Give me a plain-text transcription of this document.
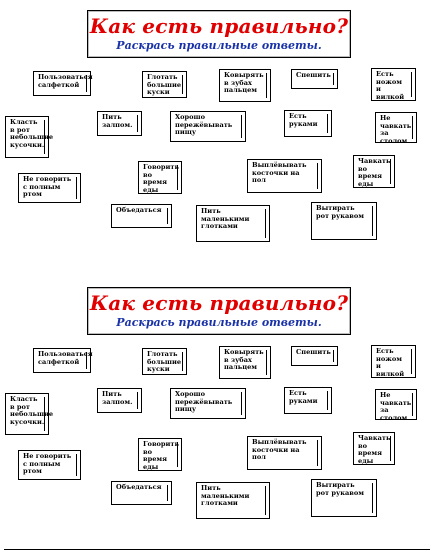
Как есть правильно?
Раскрась правильные ответы.
Пользоваться салфеткой
Глотать большие куски
Ковырять в зубах пальцем
Спешить	Есть ножом и вилкой
Класть в рот небольшие кусочки.
Пить залпом.
Хорошо пережёвывать пищу
Есть руками
Не чавкать за столом
Говорить во время еды
Выплёвывать косточки на пол
Чавкать во время еды
Не говорить с полным ртом
Объедаться	Пить маленькими глотками
Вытирать рот рукавом
Как есть правильно?
Раскрась правильные ответы.
Пользоваться салфеткой
Глотать большие куски
Ковырять в зубах пальцем
Спешить	Есть ножом и вилкой
Класть в рот небольшие кусочки.
Пить залпом.
Хорошо пережёвывать пищу
Есть руками
Не чавкать за столом
Говорить во время еды
Выплёвывать косточки на пол
Чавкать во время еды
Не говорить с полным ртом
Объедаться	Пить маленькими глотками
Вытирать рот рукавом
